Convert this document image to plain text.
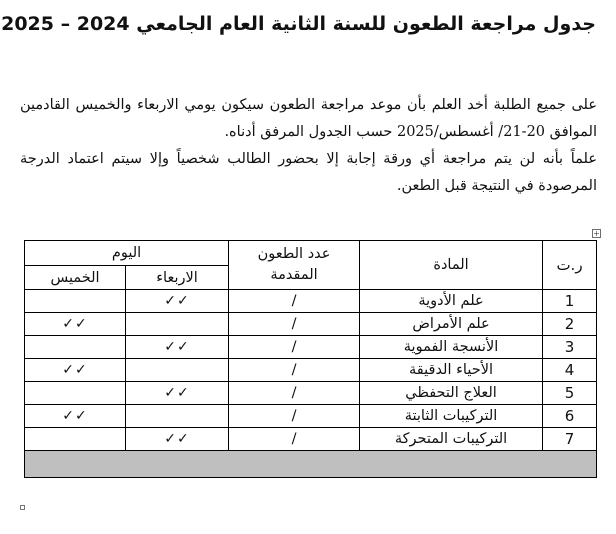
جدول مراجعة الطعون للسنة الثانية العام الجامعي 2024 – 2025

على جميع الطلبة أخد العلم بأن موعد مراجعة الطعون سيكون يومي الاربعاء والخميس القادمين الموافق 20-21/ أغسطس/2025 حسب الجدول المرفق أدناه.

علماً بأنه لن يتم مراجعة أي ورقة إجابة إلا بحضور الطالب شخصياً وإلا سيتم اعتماد الدرجة المرصودة في النتيجة قبل الطعن.

+
ر.ت	المادة	عدد الطعون المقدمة	اليوم	
			الاربعاء	الخميس
1	علم الأدوية	/	✓✓	
2	علم الأمراض	/		✓✓
3	الأنسجة الفموية	/	✓✓	
4	الأحياء الدقيقة	/		✓✓
5	العلاج التحفظي	/	✓✓	
6	التركيبات الثابتة	/		✓✓
7	التركيبات المتحركة	/	✓✓	
